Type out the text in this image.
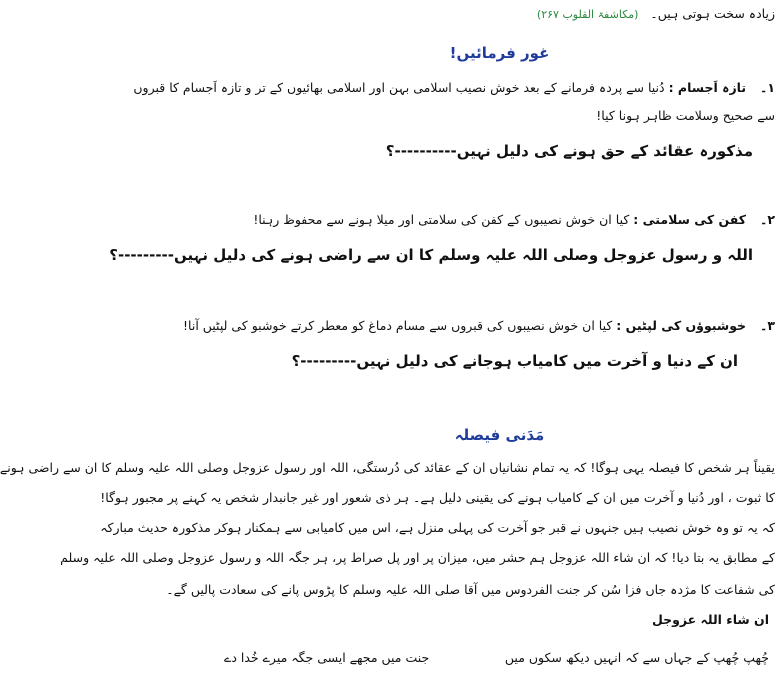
زیادہ سخت ہوتی ہیں۔ (مکاشفۃ القلوب ۲۶۷)
غور فرمائیں!
۱۔ تازہ اَجسام : دُنیا سے پردہ فرمانے کے بعد خوش نصیب اسلامی بہن اور اسلامی بھائیوں کے تر و تازہ اَجسام کا قبروں
سے صحیح وسلامت ظاہر ہونا کیا!
مذکورہ عقائد کے حق ہونے کی دلیل نہیں----------؟
۲۔ کفن کی سلامتی : کیا ان خوش نصیبوں کے کفن کی سلامتی اور میلا ہونے سے محفوظ رہنا!
اللہ و رسول عزوجل وصلی اللہ علیہ وسلم کا ان سے راضی ہونے کی دلیل نہیں---------؟
۳۔ خوشبوؤں کی لپٹیں : کیا ان خوش نصیبوں کی قبروں سے مسام دماغ کو معطر کرتے خوشبو کی لپٹیں آنا!
ان کے دنیا و آخرت میں کامیاب ہوجانے کی دلیل نہیں---------؟
مَدَنی فیصلہ
یقیناً ہر شخص کا فیصلہ یہی ہوگا! کہ یہ تمام نشانیاں ان کے عقائد کی دُرستگی، اللہ اور رسول عزوجل وصلی اللہ علیہ وسلم کا ان سے راضی ہونے
کا ثبوت ، اور دُنیا و آخرت میں ان کے کامیاب ہونے کی یقینی دلیل ہے۔ ہر ذی شعور اور غیر جانبدار شخص یہ کہنے پر مجبور ہوگا!
کہ یہ تو وہ خوش نصیب ہیں جنہوں نے قبر جو آخرت کی پہلی منزل ہے، اس میں کامیابی سے ہمکنار ہوکر مذکورہ حدیث مبارکہ
کے مطابق یہ بتا دیا! کہ ان شاء اللہ عزوجل ہم حشر میں، میزان پر اور پل صراط پر، ہر جگہ اللہ و رسول عزوجل وصلی اللہ علیہ وسلم
کی شفاعت کا مژدہ جاں فزا سُن کر جنت الفردوس میں آقا صلی اللہ علیہ وسلم کا پڑوس پانے کی سعادت پالیں گے۔
ان شاء اللہ عزوجل
چُھپ چُھپ کے جہاں سے کہ انہیں دیکھ سکوں میں
جنت میں مجھے ایسی جگہ میرے خُدا دے
